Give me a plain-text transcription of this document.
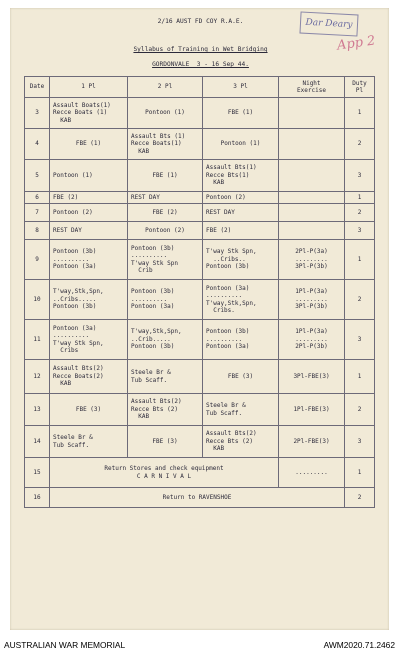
Dar Deary
App 2
2/16 AUST FD COY R.A.E.
Syllabus of Training in Wet Bridging
GORDONVALE  3 - 16 Sep 44.
Date	1 Pl	2 Pl	3 Pl	Night
Exercise	Duty
Pl
3	Assault Boats(1)
Recce Boats (1)
KAB	Pontoon (1)	FBE (1)		1
4	FBE (1)	Assault Bts (1)
Recce Boats(1)
KAB	Pontoon (1)		2
5	Pontoon (1)	FBE (1)	Assault Bts(1)
Recce Bts(1)
KAB		3
6	FBE (2)	REST DAY	Pontoon (2)		1
7	Pontoon (2)	FBE (2)	REST DAY		2
8	REST DAY	Pontoon (2)	FBE (2)		3
9	Pontoon (3b)
..........
Pontoon (3a)	Pontoon (3b)
..........
T'way Stk Spn
Crib	T'way Stk Spn,
..Cribs..
Pontoon (3b)	2Pl-P(3a)
.........
3Pl-P(3b)	1
10	T'way,Stk,Spn,
..Cribs.....
Pontoon (3b)	Pontoon (3b)
..........
Pontoon (3a)	Pontoon (3a)
..........
T'way,Stk,Spn,
Cribs.	1Pl-P(3a)
.........
3Pl-P(3b)	2
11	Pontoon (3a)
..........
T'way Stk Spn,
Cribs	T'way,Stk,Spn,
..Crib.....
Pontoon (3b)	Pontoon (3b)
..........
Pontoon (3a)	1Pl-P(3a)
.........
2Pl-P(3b)	3
12	Assault Bts(2)
Recce Boats(2)
KAB	Steele Br &
Tub Scaff.	FBE (3)	3Pl-FBE(3)	1
13	FBE (3)	Assault Bts(2)
Recce Bts (2)
KAB	Steele Br &
Tub Scaff.	1Pl-FBE(3)	2
14	Steele Br &
Tub Scaff.	FBE (3)	Assault Bts(2)
Recce Bts (2)
KAB	2Pl-FBE(3)	3
15	Return Stores and check equipment
C A R N I V A L			.........	1
16	Return to RAVENSHOE				2
AUSTRALIAN WAR MEMORIAL	AWM2020.71.2462
